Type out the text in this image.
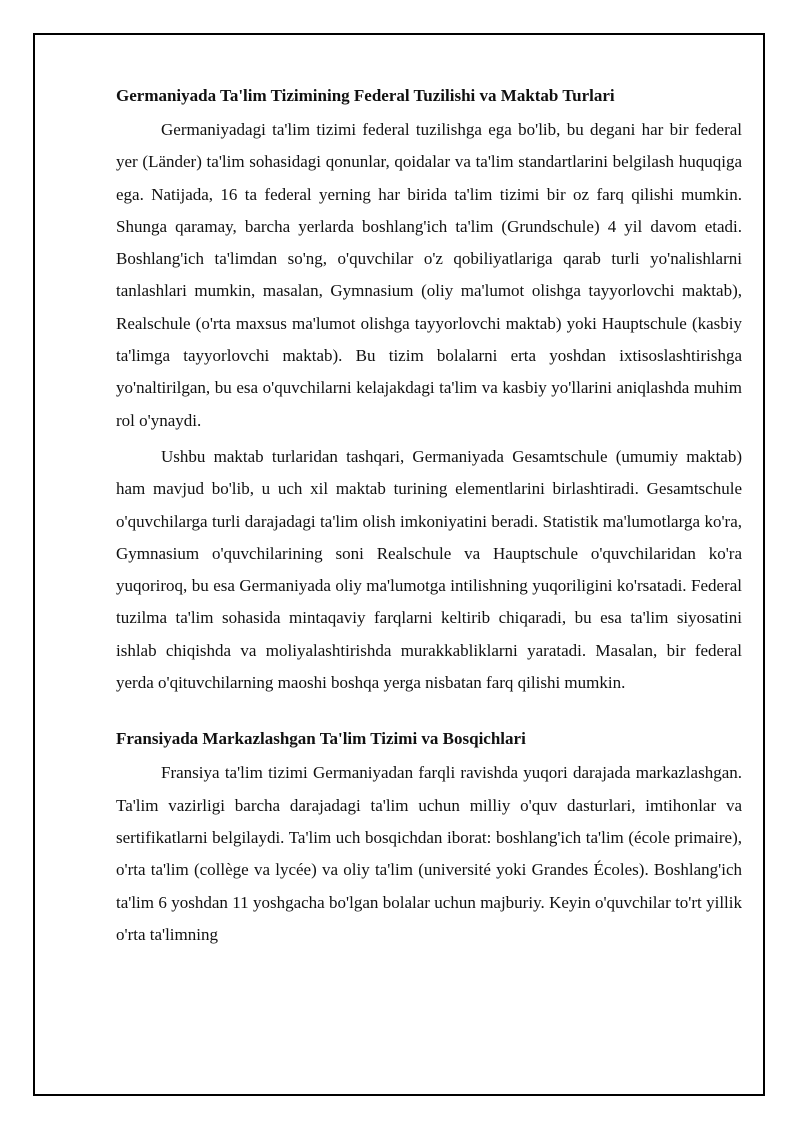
Germaniyada Ta'lim Tizimining Federal Tuzilishi va Maktab Turlari

Germaniyadagi ta'lim tizimi federal tuzilishga ega bo'lib, bu degani har bir federal yer (Länder) ta'lim sohasidagi qonunlar, qoidalar va ta'lim standartlarini belgilash huquqiga ega. Natijada, 16 ta federal yerning har birida ta'lim tizimi bir oz farq qilishi mumkin. Shunga qaramay, barcha yerlarda boshlang'ich ta'lim (Grundschule) 4 yil davom etadi. Boshlang'ich ta'limdan so'ng, o'quvchilar o'z qobiliyatlariga qarab turli yo'nalishlarni tanlashlari mumkin, masalan, Gymnasium (oliy ma'lumot olishga tayyorlovchi maktab), Realschule (o'rta maxsus ma'lumot olishga tayyorlovchi maktab) yoki Hauptschule (kasbiy ta'limga tayyorlovchi maktab). Bu tizim bolalarni erta yoshdan ixtisoslashtirishga yo'naltirilgan, bu esa o'quvchilarni kelajakdagi ta'lim va kasbiy yo'llarini aniqlashda muhim rol o'ynaydi.

Ushbu maktab turlaridan tashqari, Germaniyada Gesamtschule (umumiy maktab) ham mavjud bo'lib, u uch xil maktab turining elementlarini birlashtiradi. Gesamtschule o'quvchilarga turli darajadagi ta'lim olish imkoniyatini beradi. Statistik ma'lumotlarga ko'ra, Gymnasium o'quvchilarining soni Realschule va Hauptschule o'quvchilaridan ko'ra yuqoriroq, bu esa Germaniyada oliy ma'lumotga intilishning yuqoriligini ko'rsatadi. Federal tuzilma ta'lim sohasida mintaqaviy farqlarni keltirib chiqaradi, bu esa ta'lim siyosatini ishlab chiqishda va moliyalashtirishda murakkabliklarni yaratadi. Masalan, bir federal yerda o'qituvchilarning maoshi boshqa yerga nisbatan farq qilishi mumkin.

Fransiyada Markazlashgan Ta'lim Tizimi va Bosqichlari

Fransiya ta'lim tizimi Germaniyadan farqli ravishda yuqori darajada markazlashgan. Ta'lim vazirligi barcha darajadagi ta'lim uchun milliy o'quv dasturlari, imtihonlar va sertifikatlarni belgilaydi. Ta'lim uch bosqichdan iborat: boshlang'ich ta'lim (école primaire), o'rta ta'lim (collège va lycée) va oliy ta'lim (université yoki Grandes Écoles). Boshlang'ich ta'lim 6 yoshdan 11 yoshgacha bo'lgan bolalar uchun majburiy. Keyin o'quvchilar to'rt yillik o'rta ta'limning
